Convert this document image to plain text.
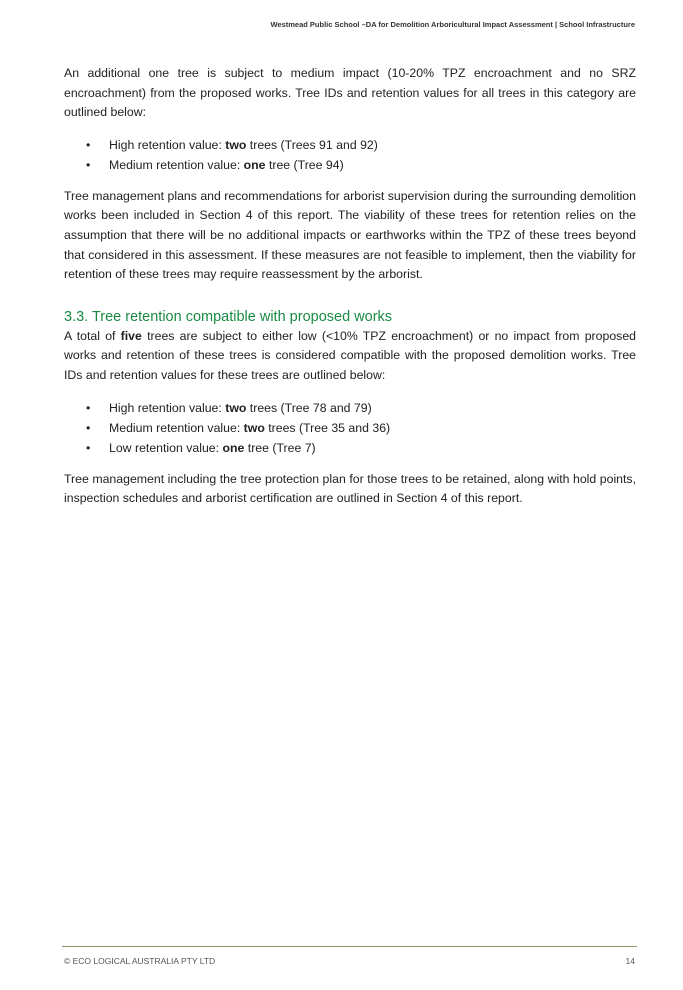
Westmead Public School –DA for Demolition Arboricultural Impact Assessment | School Infrastructure

An additional one tree is subject to medium impact (10-20% TPZ encroachment and no SRZ encroachment) from the proposed works. Tree IDs and retention values for all trees in this category are outlined below:

• High retention value: two trees (Trees 91 and 92)
• Medium retention value: one tree (Tree 94)

Tree management plans and recommendations for arborist supervision during the surrounding demolition works been included in Section 4 of this report. The viability of these trees for retention relies on the assumption that there will be no additional impacts or earthworks within the TPZ of these trees beyond that considered in this assessment. If these measures are not feasible to implement, then the viability for retention of these trees may require reassessment by the arborist.

3.3. Tree retention compatible with proposed works

A total of five trees are subject to either low (<10% TPZ encroachment) or no impact from proposed works and retention of these trees is considered compatible with the proposed demolition works. Tree IDs and retention values for these trees are outlined below:

• High retention value: two trees (Tree 78 and 79)
• Medium retention value: two trees (Tree 35 and 36)
• Low retention value: one tree (Tree 7)

Tree management including the tree protection plan for those trees to be retained, along with hold points, inspection schedules and arborist certification are outlined in Section 4 of this report.

© ECO LOGICAL AUSTRALIA PTY LTD	14
